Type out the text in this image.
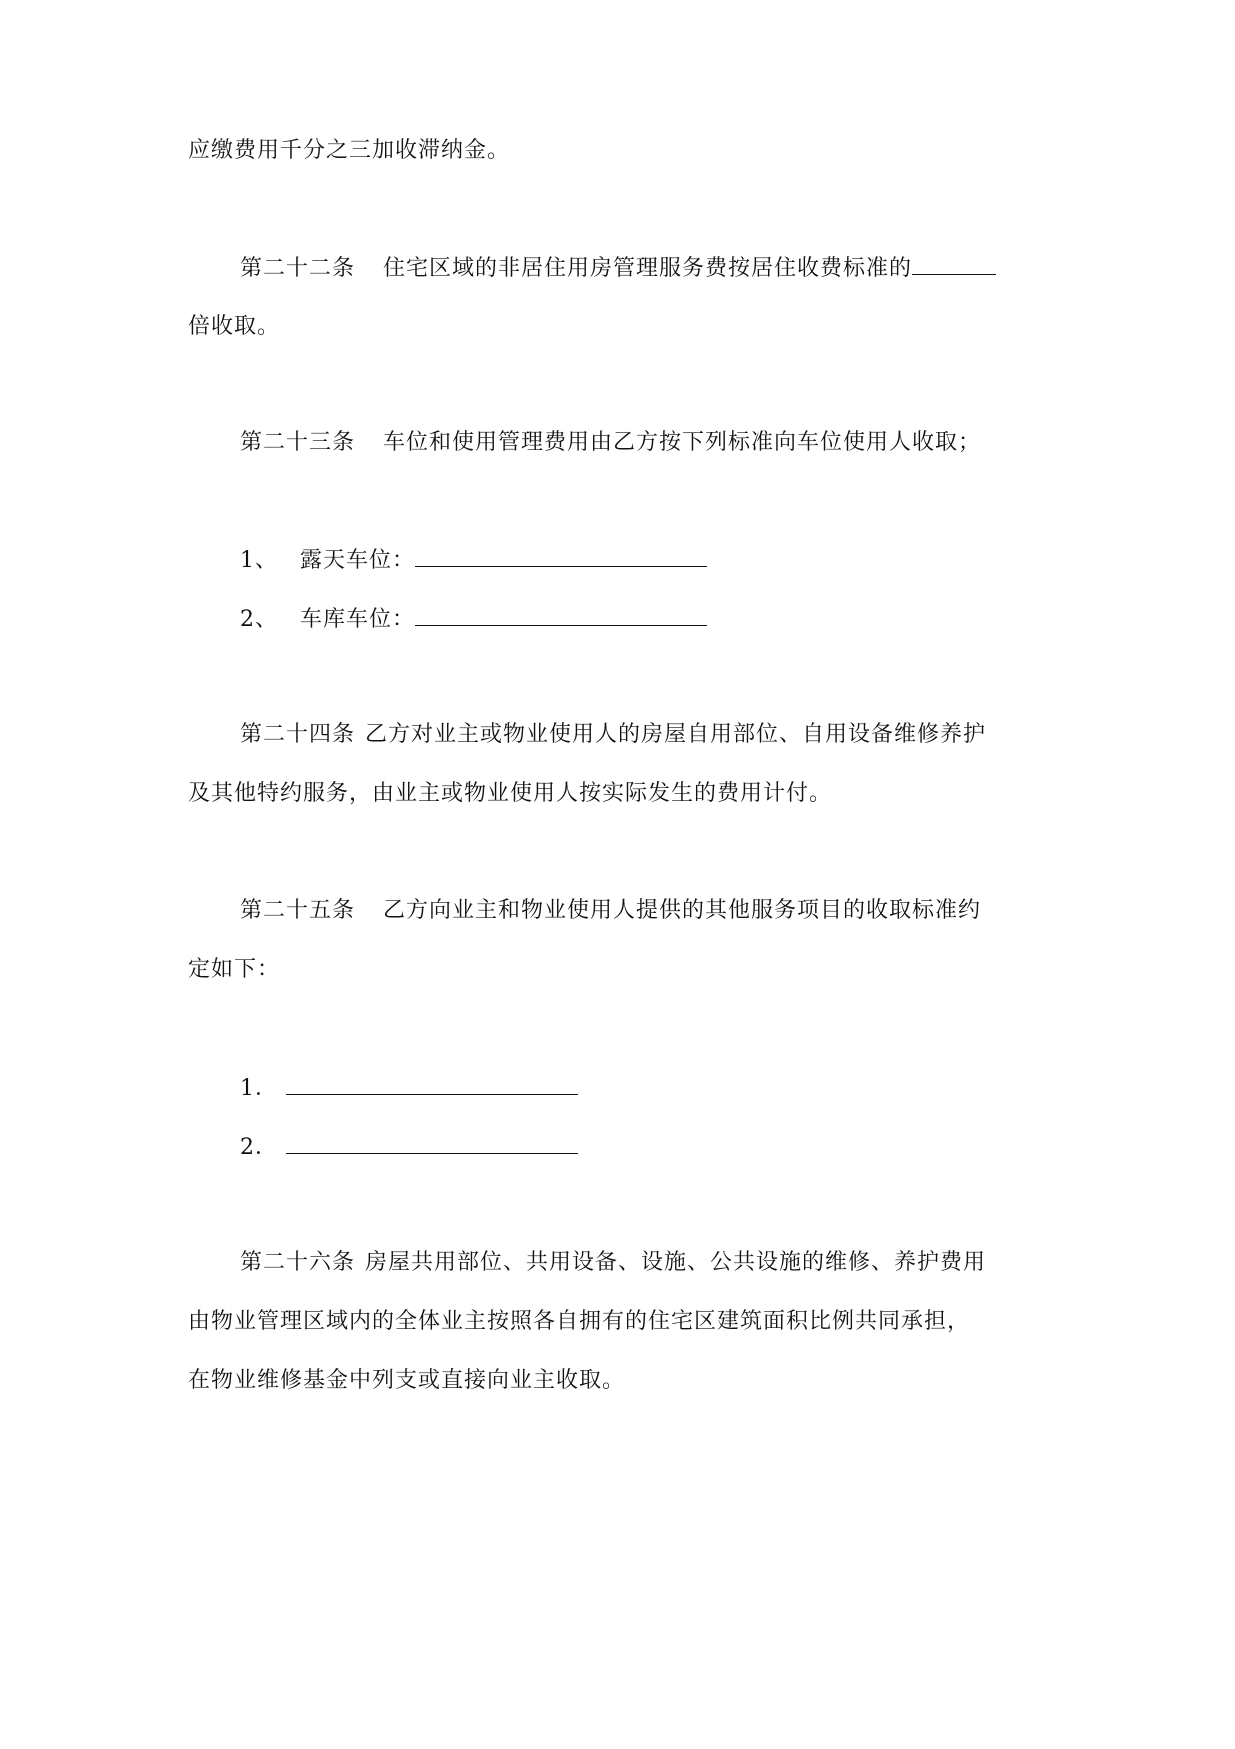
应缴费用千分之三加收滞纳金。
第二十二条 住宅区域的非居住用房管理服务费按居住收费标准的
倍收取。
第二十三条 车位和使用管理费用由乙方按下列标准向车位使用人收取；
1、 露天车位：
2、 车库车位：
第二十四条 乙方对业主或物业使用人的房屋自用部位、自用设备维修养护
及其他特约服务，由业主或物业使用人按实际发生的费用计付。
第二十五条 乙方向业主和物业使用人提供的其他服务项目的收取标准约
定如下：
1．
2．
第二十六条 房屋共用部位、共用设备、设施、公共设施的维修、养护费用
由物业管理区域内的全体业主按照各自拥有的住宅区建筑面积比例共同承担，
在物业维修基金中列支或直接向业主收取。
